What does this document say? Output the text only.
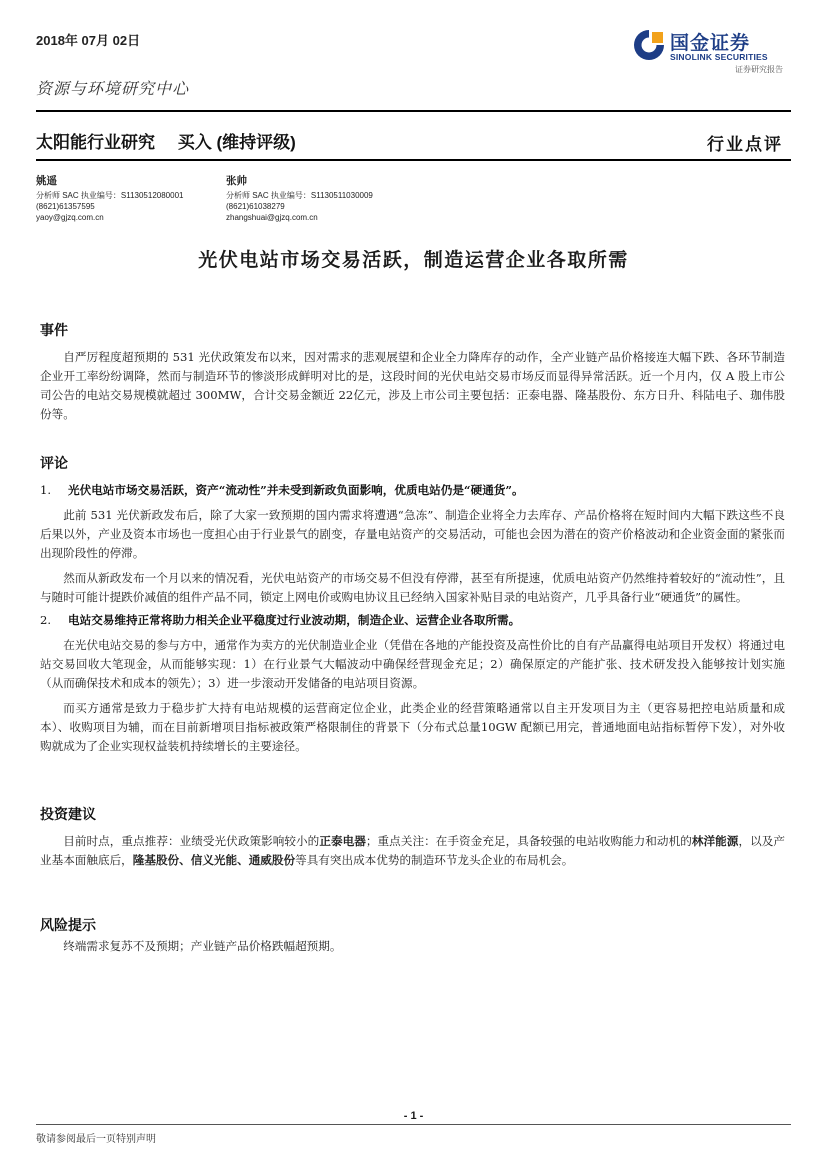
2018年 07月 02日
资源与环境研究中心
国金证券
SINOLINK SECURITIES
证券研究报告
太阳能行业研究 买入 (维持评级)	行业点评
姚遥
分析师 SAC 执业编号：S1130512080001
(8621)61357595
yaoy@gjzq.com.cn
张帅
分析师 SAC 执业编号：S1130511030009
(8621)61038279
zhangshuai@gjzq.com.cn
光伏电站市场交易活跃，制造运营企业各取所需
事件

自严厉程度超预期的 531 光伏政策发布以来，因对需求的悲观展望和企业全力降库存的动作，全产业链产品价格接连大幅下跌、各环节制造企业开工率纷纷调降，然而与制造环节的惨淡形成鲜明对比的是，这段时间的光伏电站交易市场反而显得异常活跃。近一个月内，仅 A 股上市公司公告的电站交易规模就超过 300MW，合计交易金额近 22亿元，涉及上市公司主要包括：正泰电器、隆基股份、东方日升、科陆电子、珈伟股份等。

评论
1. 光伏电站市场交易活跃，资产“流动性”并未受到新政负面影响，优质电站仍是“硬通货”。

此前 531 光伏新政发布后，除了大家一致预期的国内需求将遭遇“急冻”、制造企业将全力去库存、产品价格将在短时间内大幅下跌这些不良后果以外，产业及资本市场也一度担心由于行业景气的剧变，存量电站资产的交易活动，可能也会因为潜在的资产价格波动和企业资金面的紧张而出现阶段性的停滞。

然而从新政发布一个月以来的情况看，光伏电站资产的市场交易不但没有停滞，甚至有所提速，优质电站资产仍然维持着较好的“流动性”，且与随时可能计提跌价减值的组件产品不同，锁定上网电价或购电协议且已经纳入国家补贴目录的电站资产，几乎具备行业“硬通货”的属性。

2. 电站交易维持正常将助力相关企业平稳度过行业波动期，制造企业、运营企业各取所需。

在光伏电站交易的参与方中，通常作为卖方的光伏制造业企业（凭借在各地的产能投资及高性价比的自有产品赢得电站项目开发权）将通过电站交易回收大笔现金，从而能够实现：1）在行业景气大幅波动中确保经营现金充足；2）确保原定的产能扩张、技术研发投入能够按计划实施（从而确保技术和成本的领先）；3）进一步滚动开发储备的电站项目资源。

而买方通常是致力于稳步扩大持有电站规模的运营商定位企业，此类企业的经营策略通常以自主开发项目为主（更容易把控电站质量和成本）、收购项目为辅，而在目前新增项目指标被政策严格限制住的背景下（分布式总量10GW 配额已用完，普通地面电站指标暂停下发），对外收购就成为了企业实现权益装机持续增长的主要途径。

投资建议

目前时点，重点推荐：业绩受光伏政策影响较小的正泰电器；重点关注：在手资金充足，具备较强的电站收购能力和动机的林洋能源，以及产业基本面触底后，隆基股份、信义光能、通威股份等具有突出成本优势的制造环节龙头企业的布局机会。

风险提示

终端需求复苏不及预期；产业链产品价格跌幅超预期。

- 1 -
敬请参阅最后一页特别声明
